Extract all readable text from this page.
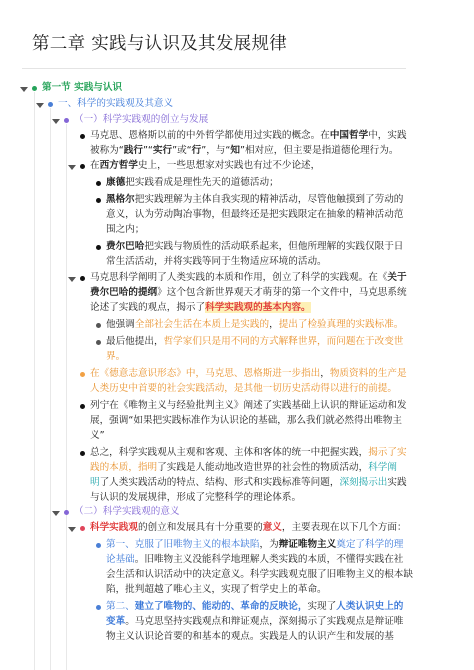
第二章 实践与认识及其发展规律
第一节 实践与认识
一、科学的实践观及其意义
（一）科学实践观的创立与发展
马克思、恩格斯以前的中外哲学都使用过实践的概念。在中国哲学中，实践
被称为“践行”“实行”或“行”，与“知”相对应，但主要是指道德伦理行为。
在西方哲学史上，一些思想家对实践也有过不少论述，
康德把实践看成是理性先天的道德活动；
黑格尔把实践理解为主体自我实现的精神活动，尽管他触摸到了劳动的
意义，认为劳动陶冶事物，但最终还是把实践限定在抽象的精神活动范
围之内；
费尔巴哈把实践与物质性的活动联系起来，但他所理解的实践仅限于日
常生活活动，并将实践等同于生物适应环境的活动。
马克思科学阐明了人类实践的本质和作用，创立了科学的实践观。在《关于
费尔巴哈的提纲》这个包含新世界观天才萌芽的第一个文件中，马克思系统
论述了实践的观点，揭示了科学实践观的基本内容。
他强调全部社会生活在本质上是实践的，提出了检验真理的实践标准。
最后他提出，哲学家们只是用不同的方式解释世界，而问题在于改变世
界。
在《德意志意识形态》中，马克思、恩格斯进一步指出，物质资料的生产是
人类历史中首要的社会实践活动，是其他一切历史活动得以进行的前提。
列宁在《唯物主义与经验批判主义》阐述了实践基础上认识的辩证运动和发
展，强调“如果把实践标准作为认识论的基础，那么我们就必然得出唯物主
义”
总之，科学实践观从主观和客观、主体和客体的统一中把握实践，揭示了实
践的本质，指明了实践是人能动地改造世界的社会性的物质活动，科学阐
明了人类实践活动的特点、结构、形式和实践标准等问题，深刻揭示出实践
与认识的发展规律，形成了完整科学的理论体系。
（二）科学实践观的意义
科学实践观的创立和发展具有十分重要的意义，主要表现在以下几个方面：
第一、克服了旧唯物主义的根本缺陷，为辩证唯物主义奠定了科学的理
论基础。旧唯物主义没能科学地理解人类实践的本质，不懂得实践在社
会生活和认识活动中的决定意义。科学实践观克服了旧唯物主义的根本缺
陷，批判超越了唯心主义，实现了哲学史上的革命。
第二、建立了唯物的、能动的、革命的反映论，实现了人类认识史上的
变革。马克思坚持实践观点和辩证观点，深刻揭示了实践观点是辩证唯
物主义认识论首要的和基本的观点。实践是人的认识产生和发展的基
